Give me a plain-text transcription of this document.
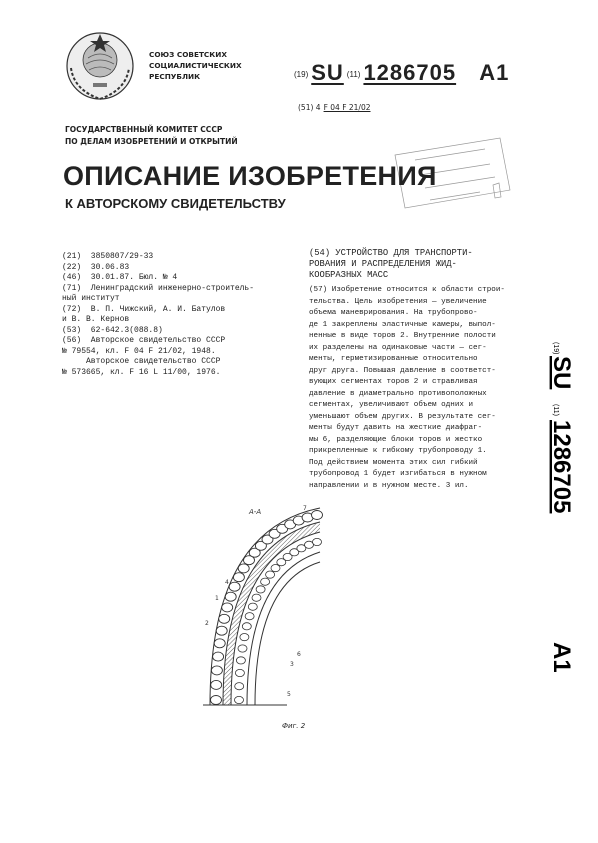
СОЮЗ СОВЕТСКИХ
СОЦИАЛИСТИЧЕСКИХ
РЕСПУБЛИК	(19) SU (11) 1286705 A1
(51) 4 F 04 F 21/02
ГОСУДАРСТВЕННЫЙ КОМИТЕТ СССР
ПО ДЕЛАМ ИЗОБРЕТЕНИЙ И ОТКРЫТИЙ
ОПИСАНИЕ ИЗОБРЕТЕНИЯ
К АВТОРСКОМУ СВИДЕТЕЛЬСТВУ
(21)  3850807/29-33
(22)  30.06.83
(46)  30.01.87. Бюл. № 4
(71)  Ленинградский инженерно-строитель-
ный институт
(72)  В. П. Чижский, А. И. Батулов
и В. В. Кернов
(53)  62-642.3(088.8)
(56)  Авторское свидетельство СССР
№ 79554, кл. F 04 F 21/02, 1948.
Авторское свидетельство СССР
№ 573665, кл. F 16 L 11/00, 1976.
(54) УСТРОЙСТВО ДЛЯ ТРАНСПОРТИ-
РОВАНИЯ И РАСПРЕДЕЛЕНИЯ ЖИД-
КООБРАЗНЫХ МАСС
(57) Изобретение относится к области строи-
тельства. Цель изобретения — увеличение
объема маневрирования. На трубопрово-
де 1 закреплены эластичные камеры, выпол-
ненные в виде торов 2. Внутренние полости
их разделены на одинаковые части — сег-
менты, герметизированные относительно
друг друга. Повышая давление в соответст-
вующих сегментах торов 2 и стравливая
давление в диаметрально противоположных
сегментах, увеличивают объем одних и
уменьшают объем других. В результате сег-
менты будут давить на жесткие диафраг-
мы 6, разделяющие блоки торов и жестко
прикрепленные к гибкому трубопроводу 1.
Под действием момента этих сил гибкий
трубопровод 1 будет изгибаться в нужном
направлении и в нужном месте. 3 ил.
(19)
SU
(11)
1286705
A1
А-А	7
4
1
2
6
3
5
Фиг. 2
